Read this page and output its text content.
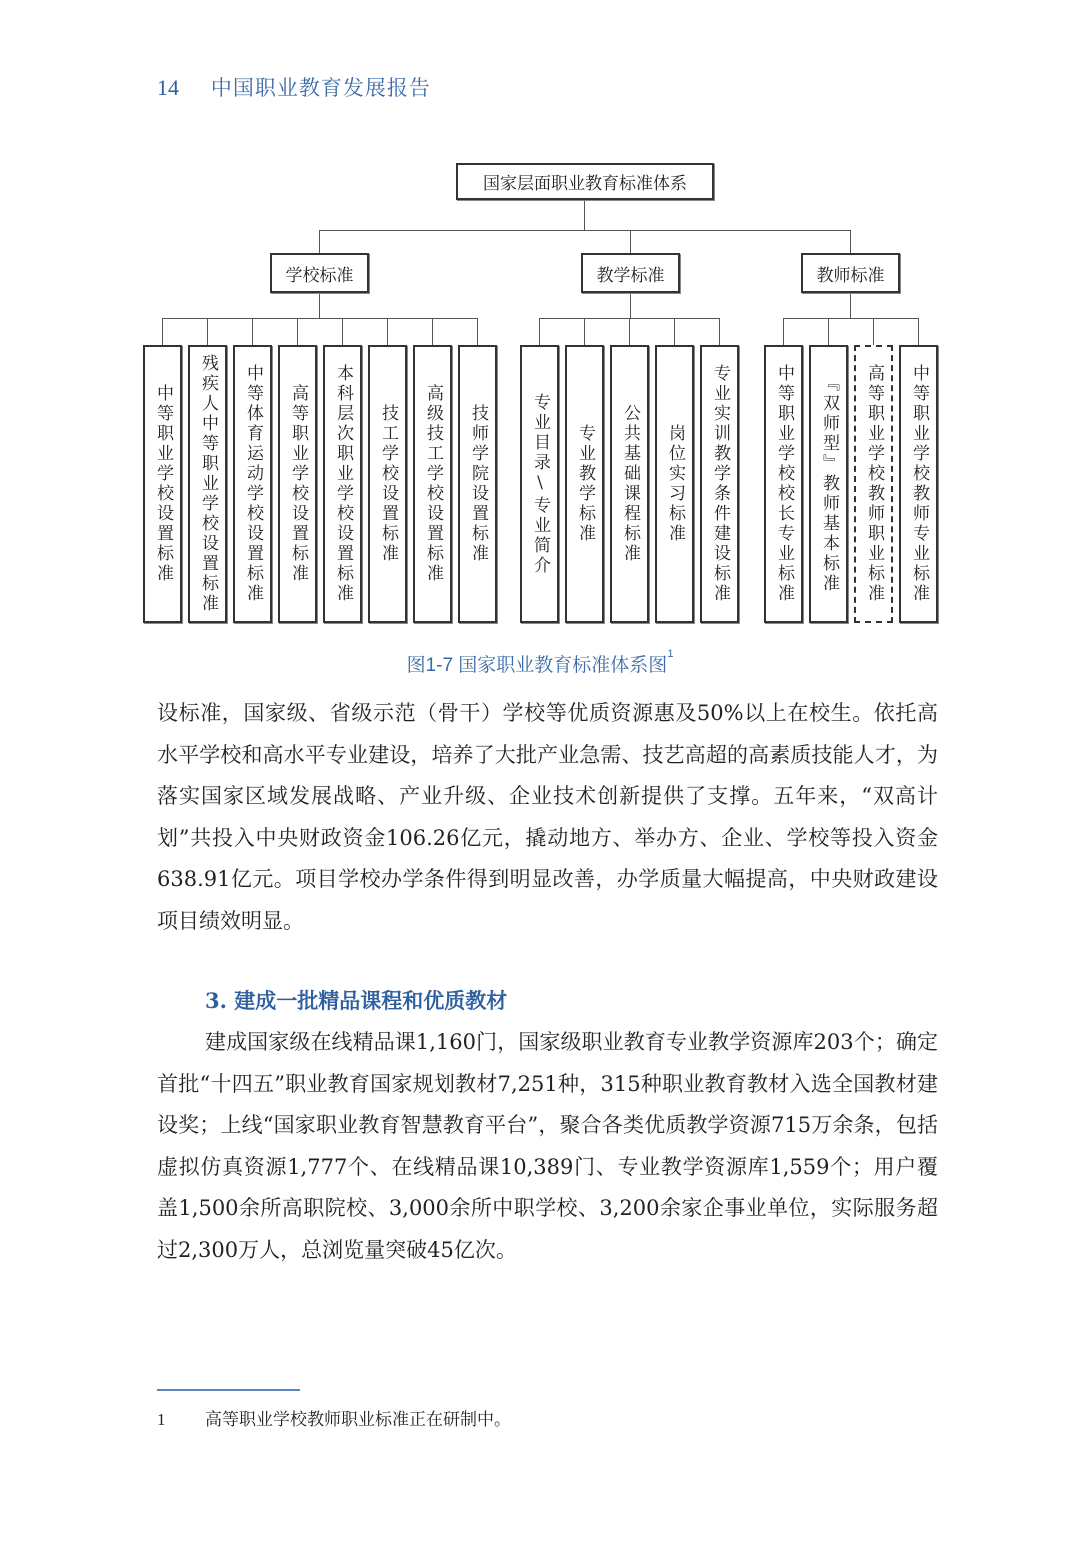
14 中国职业教育发展报告
国家层面职业教育标准体系
学校标准	教学标准	教师标准
中等职业学校设置标准 残疾人中等职业学校设置标准 中等体育运动学校设置标准 高等职业学校设置标准 本科层次职业学校设置标准 技工学校设置标准 高级技工学校设置标准 技师学院设置标准 专业目录\专业简介 专业教学标准 公共基础课程标准 岗位实习标准 专业实训教学条件建设标准	中等职业学校校长专业标准 『双师型』教师基本标准 高等职业学校教师职业标准 中等职业学校教师专业标准
图1-7 国家职业教育标准体系图$^1$
设标准，国家级、省级示范（骨干）学校等优质资源惠及50%以上在校生。依托高水平学校和高水平专业建设，培养了大批产业急需、技艺高超的高素质技能人才，为落实国家区域发展战略、产业升级、企业技术创新提供了支撑。五年来，“双高计划”共投入中央财政资金106.26亿元，撬动地方、举办方、企业、学校等投入资金638.91亿元。项目学校办学条件得到明显改善，办学质量大幅提高，中央财政建设项目绩效明显。
3. 建成一批精品课程和优质教材
建成国家级在线精品课1,160门，国家级职业教育专业教学资源库203个；确定首批“十四五”职业教育国家规划教材7,251种，315种职业教育教材入选全国教材建设奖；上线“国家职业教育智慧教育平台”，聚合各类优质教学资源715万余条，包括虚拟仿真资源1,777个、在线精品课10,389门、专业教学资源库1,559个；用户覆盖1,500余所高职院校、3,000余所中职学校、3,200余家企事业单位，实际服务超过2,300万人，总浏览量突破45亿次。
1 高等职业学校教师职业标准正在研制中。
